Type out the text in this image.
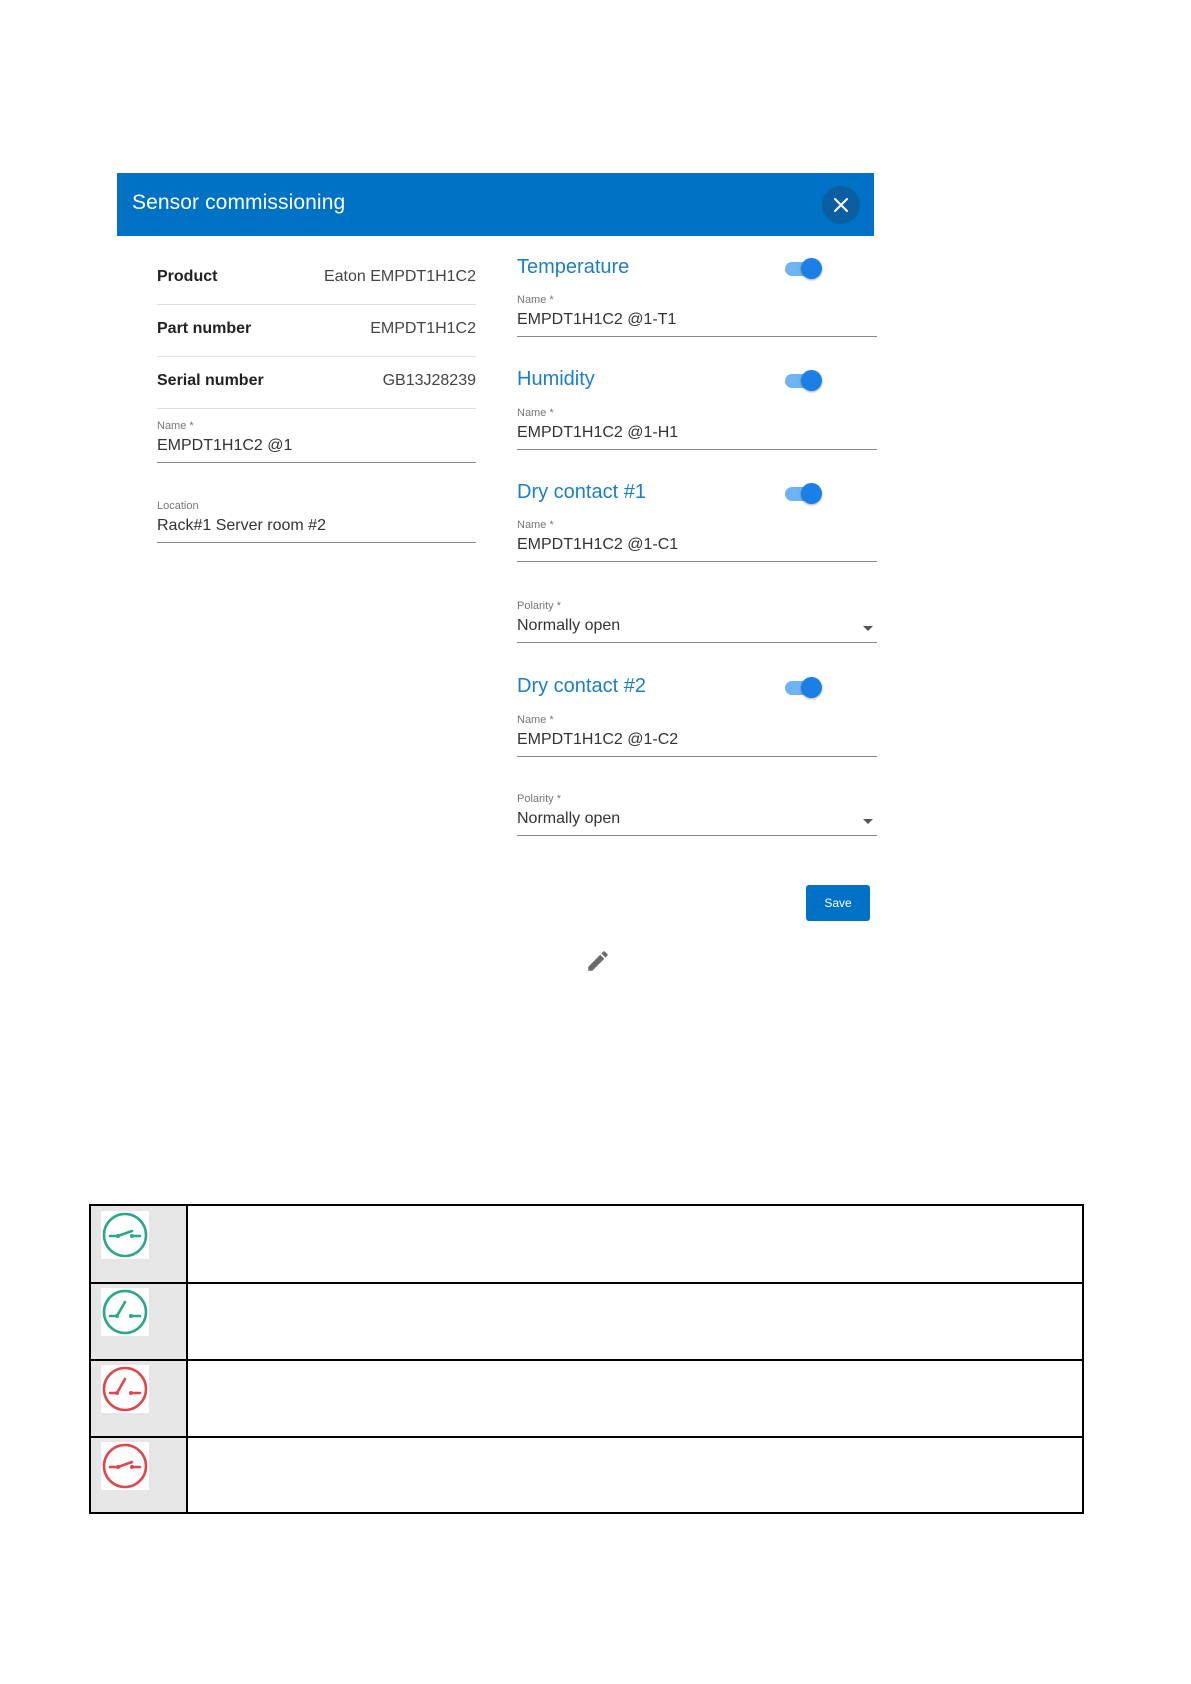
Sensor commissioning
Product	Eaton EMPDT1H1C2
Part number	EMPDT1H1C2
Serial number	GB13J28239
Name *
EMPDT1H1C2 @1
Location
Rack#1 Server room #2
Temperature
Name *
EMPDT1H1C2 @1-T1
Humidity
Name *
EMPDT1H1C2 @1-H1
Dry contact #1
Name *
EMPDT1H1C2 @1-C1
Polarity *
Normally open
Dry contact #2
Name *
EMPDT1H1C2 @1-C2
Polarity *
Normally open
Save
